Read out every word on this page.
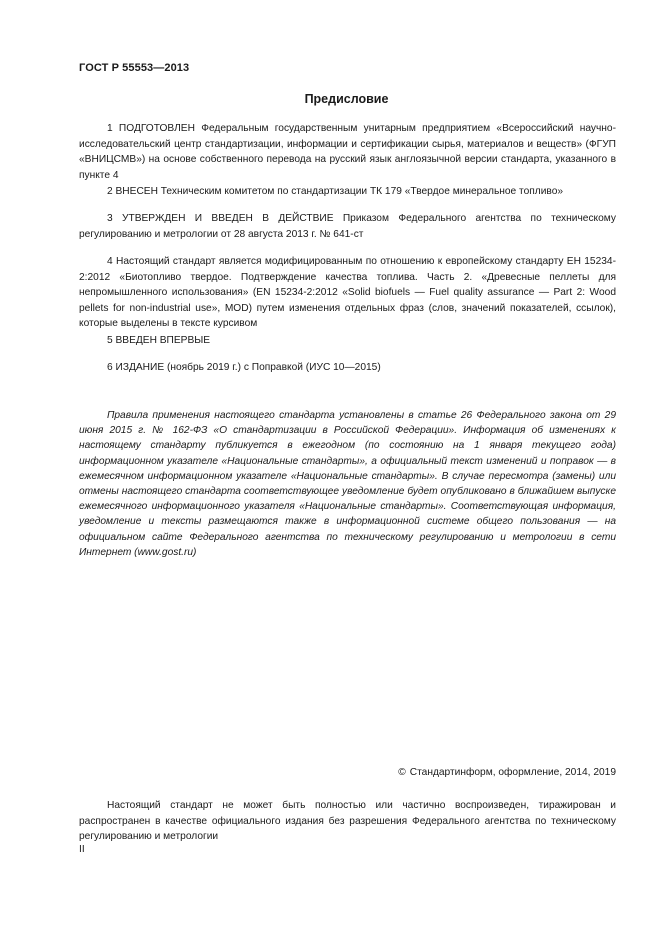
ГОСТ Р 55553—2013
Предисловие

1 ПОДГОТОВЛЕН Федеральным государственным унитарным предприятием «Всероссийский научно-исследовательский центр стандартизации, информации и сертификации сырья, материалов и веществ» (ФГУП «ВНИЦСМВ») на основе собственного перевода на русский язык англоязычной версии стандарта, указанного в пункте 4

2 ВНЕСЕН Техническим комитетом по стандартизации ТК 179 «Твердое минеральное топливо»

3 УТВЕРЖДЕН И ВВЕДЕН В ДЕЙСТВИЕ Приказом Федерального агентства по техническому регулированию и метрологии от 28 августа 2013 г. № 641-ст

4 Настоящий стандарт является модифицированным по отношению к европейскому стандарту ЕН 15234-2:2012 «Биотопливо твердое. Подтверждение качества топлива. Часть 2. «Древесные пеллеты для непромышленного использования» (EN 15234-2:2012 «Solid biofuels — Fuel quality assurance — Part 2: Wood pellets for non-industrial use», MOD) путем изменения отдельных фраз (слов, значений показателей, ссылок), которые выделены в тексте курсивом

5 ВВЕДЕН ВПЕРВЫЕ

6 ИЗДАНИЕ (ноябрь 2019 г.) с Поправкой (ИУС 10—2015)

Правила применения настоящего стандарта установлены в статье 26 Федерального закона от 29 июня 2015 г. № 162-ФЗ «О стандартизации в Российской Федерации». Информация об изменениях к настоящему стандарту публикуется в ежегодном (по состоянию на 1 января текущего года) информационном указателе «Национальные стандарты», а официальный текст изменений и поправок — в ежемесячном информационном указателе «Национальные стандарты». В случае пересмотра (замены) или отмены настоящего стандарта соответствующее уведомление будет опубликовано в ближайшем выпуске ежемесячного информационного указателя «Национальные стандарты». Соответствующая информация, уведомление и тексты размещаются также в информационной системе общего пользования — на официальном сайте Федерального агентства по техническому регулированию и метрологии в сети Интернет (www.gost.ru)

© Стандартинформ, оформление, 2014, 2019

Настоящий стандарт не может быть полностью или частично воспроизведен, тиражирован и распространен в качестве официального издания без разрешения Федерального агентства по техническому регулированию и метрологии

II
